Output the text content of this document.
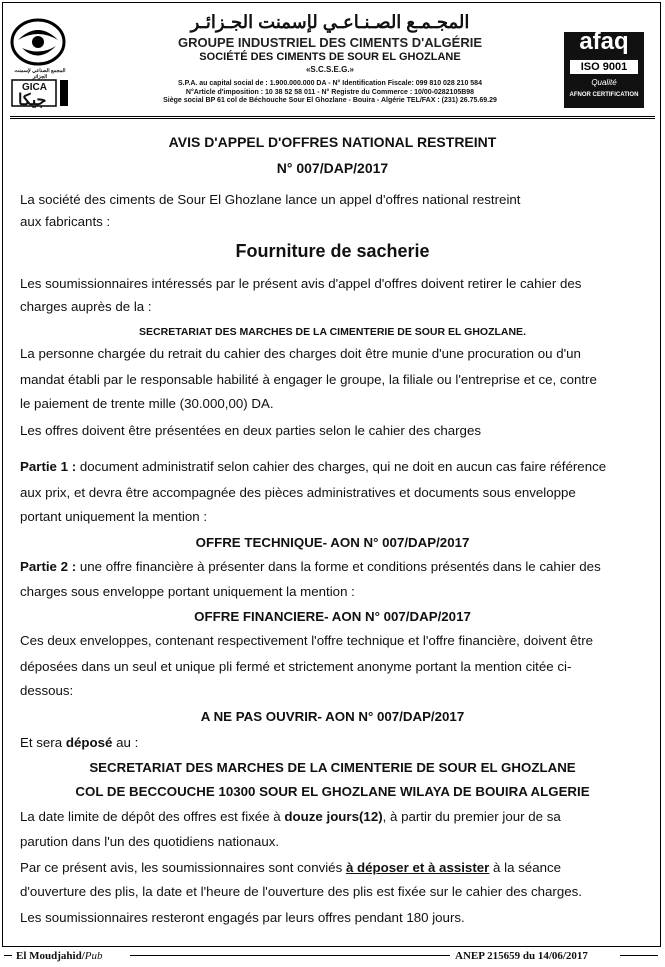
المجمع الصناعي لإسمنت الجزائر
GICA
جيكا
المجـمـع الصـنـاعـي لإسمنت الجـزائـر
GROUPE INDUSTRIEL DES CIMENTS D'ALGÉRIE
SOCIÉTÉ DES CIMENTS DE SOUR EL GHOZLANE
«S.C.S.E.G.»
S.P.A. au capital social de : 1.900.000.000 DA - N° Identification Fiscale: 099 810 028 210 584
N°Article d'imposition : 10 38 52 58 011 - N° Registre du Commerce : 10/00-0282105B98
Siège social BP 61 col de Béchouche Sour El Ghozlane - Bouira - Algérie TEL/FAX : (231) 26.75.69.29
afaq
ISO 9001
Qualité
AFNOR CERTIFICATION
AVIS D'APPEL D'OFFRES NATIONAL RESTREINT
N° 007/DAP/2017
La société des ciments de Sour El Ghozlane lance un appel d'offres national restreint
aux fabricants :
Fourniture de sacherie
Les soumissionnaires intéressés par le présent avis d'appel d'offres doivent retirer le cahier des
charges auprès de la :
SECRETARIAT DES MARCHES DE LA CIMENTERIE DE SOUR EL GHOZLANE.
La personne chargée du retrait du cahier des charges doit être munie d'une procuration ou d'un
mandat établi par le responsable habilité à engager le groupe, la filiale ou l'entreprise et ce, contre
le paiement de trente mille (30.000,00) DA.
Les offres doivent être présentées en deux parties selon le cahier des charges
Partie 1 : document administratif selon cahier des charges, qui ne doit en aucun cas faire référence
aux prix, et devra être accompagnée des pièces administratives et documents sous enveloppe
portant uniquement la mention :
OFFRE TECHNIQUE- AON N° 007/DAP/2017
Partie 2 : une offre financière à présenter dans la forme et conditions présentés dans le cahier des
charges sous enveloppe portant uniquement la mention :
OFFRE FINANCIERE- AON N° 007/DAP/2017
Ces deux enveloppes, contenant respectivement l'offre technique et l'offre financière, doivent être
déposées dans un seul et unique pli fermé et strictement anonyme portant la mention citée ci-
dessous:
A NE PAS OUVRIR- AON N° 007/DAP/2017
Et sera déposé au :
SECRETARIAT DES MARCHES DE LA CIMENTERIE DE SOUR EL GHOZLANE
COL DE BECCOUCHE 10300 SOUR EL GHOZLANE WILAYA DE BOUIRA ALGERIE
La date limite de dépôt des offres est fixée à douze jours(12), à partir du premier jour de sa
parution dans l'un des quotidiens nationaux.
Par ce présent avis, les soumissionnaires sont conviés à déposer et à assister à la séance
d'ouverture des plis, la date et l'heure de l'ouverture des plis est fixée sur le cahier des charges.
Les soumissionnaires resteront engagés par leurs offres pendant 180 jours.
El Moudjahid/Pub	ANEP 215659 du 14/06/2017
